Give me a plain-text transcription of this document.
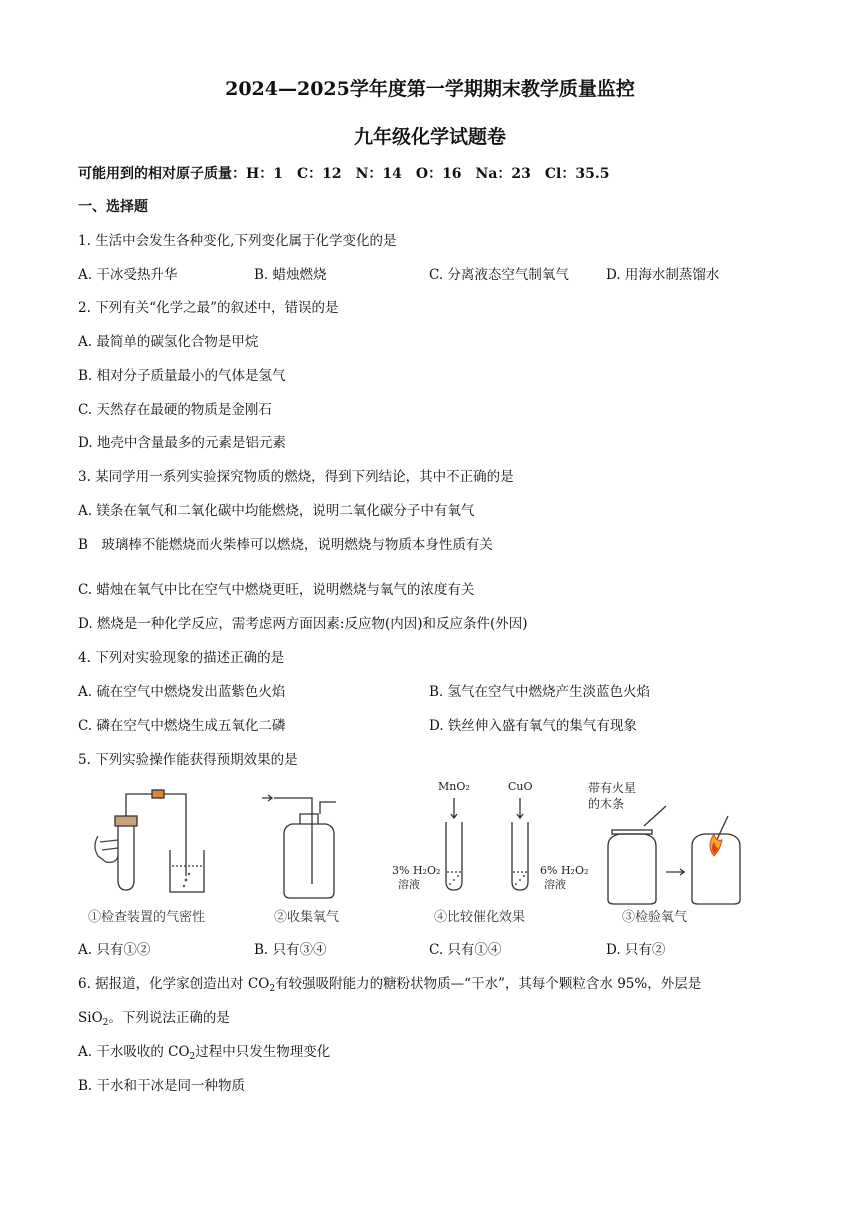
2024—2025学年度第一学期期末教学质量监控
九年级化学试题卷
可能用到的相对原子质量：H：1　C：12　N：14　O：16　Na：23　Cl：35.5
一、选择题
1. 生活中会发生各种变化,下列变化属于化学变化的是
A. 干冰受热升华	B. 蜡烛燃烧	C. 分离液态空气制氧气	D. 用海水制蒸馏水
2. 下列有关“化学之最”的叙述中，错误的是
A. 最简单的碳氢化合物是甲烷
B. 相对分子质量最小的气体是氢气
C. 天然存在最硬的物质是金刚石
D. 地壳中含量最多的元素是铝元素
3. 某同学用一系列实验探究物质的燃烧，得到下列结论，其中不正确的是
A. 镁条在氧气和二氧化碳中均能燃烧，说明二氧化碳分子中有氧气
B　玻璃棒不能燃烧而火柴棒可以燃烧，说明燃烧与物质本身性质有关
C. 蜡烛在氧气中比在空气中燃烧更旺，说明燃烧与氧气的浓度有关
D. 燃烧是一种化学反应，需考虑两方面因素:反应物(内因)和反应条件(外因)
4. 下列对实验现象的描述正确的是
A. 硫在空气中燃烧发出蓝紫色火焰	B. 氢气在空气中燃烧产生淡蓝色火焰
C. 磷在空气中燃烧生成五氧化二磷	D. 铁丝伸入盛有氧气的集气有现象
5. 下列实验操作能获得预期效果的是
MnO₂	CuO
3% H₂O₂
溶液
6% H₂O₂
溶液
带有火星
的木条
①检查装置的气密性	②收集氧气	④比较催化效果	③检验氧气
A. 只有①②	B. 只有③④	C. 只有①④	D. 只有②
6. 据报道，化学家创造出对 $CO_2$有较强吸附能力的糖粉状物质—“干水”，其每个颗粒含水 95%，外层是
SiO$_2$。下列说法正确的是
A. 干水吸收的 $CO_2$过程中只发生物理变化
B. 干水和干冰是同一种物质
